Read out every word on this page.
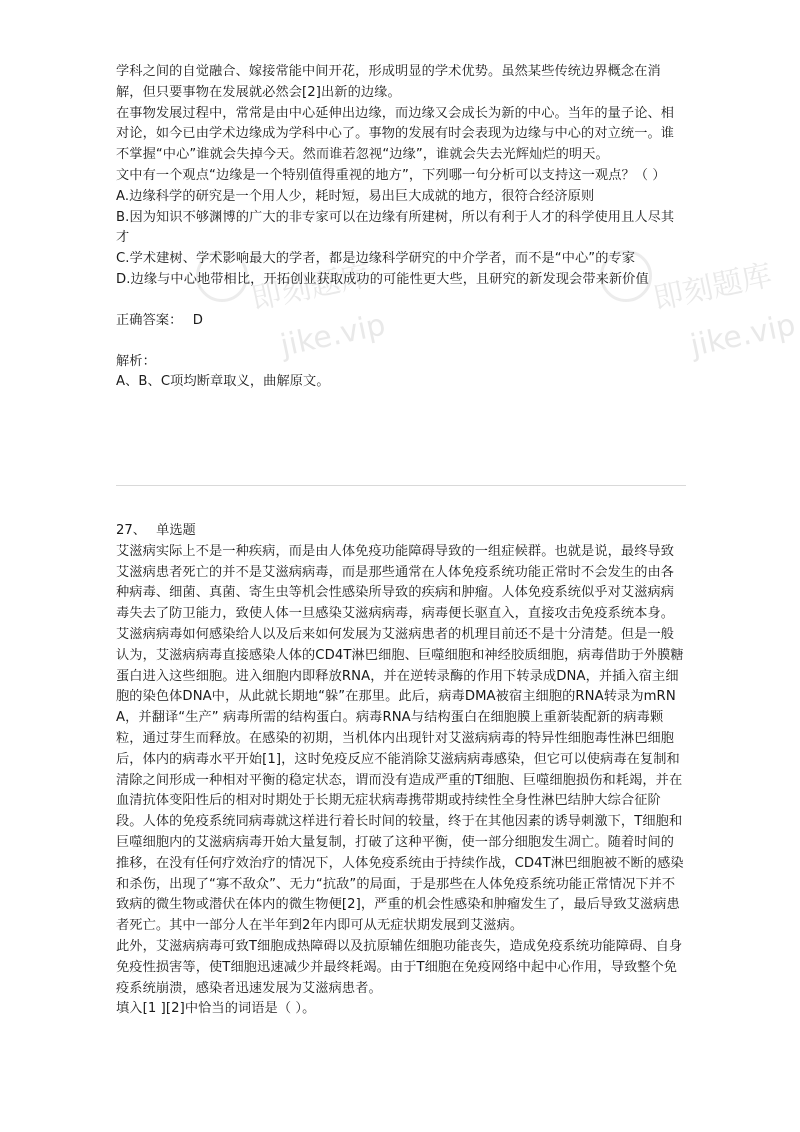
即刻题库
jike.vip
即刻题库
jike.vip

学科之间的自觉融合、嫁接常能中间开花，形成明显的学术优势。虽然某些传统边界概念在消解，但只要事物在发展就必然会[2]出新的边缘。

在事物发展过程中，常常是由中心延伸出边缘，而边缘又会成长为新的中心。当年的量子论、相对论，如今已由学术边缘成为学科中心了。事物的发展有时会表现为边缘与中心的对立统一。谁不掌握“中心”谁就会失掉今天。然而谁若忽视“边缘”，谁就会失去光辉灿烂的明天。

文中有一个观点“边缘是一个特别值得重视的地方”，下列哪一句分析可以支持这一观点？（ ）

A.边缘科学的研究是一个用人少，耗时短，易出巨大成就的地方，很符合经济原则

B.因为知识不够渊博的广大的非专家可以在边缘有所建树，所以有利于人才的科学使用且人尽其才

C.学术建树、学术影响最大的学者，都是边缘科学研究的中介学者，而不是“中心”的专家

D.边缘与中心地带相比，开拓创业获取成功的可能性更大些，且研究的新发现会带来新价值

正确答案： D

解析：

A、B、C项均断章取义，曲解原文。

27、 单选题

艾滋病实际上不是一种疾病，而是由人体免疫功能障碍导致的一组症候群。也就是说，最终导致艾滋病患者死亡的并不是艾滋病病毒，而是那些通常在人体免疫系统功能正常时不会发生的由各种病毒、细菌、真菌、寄生虫等机会性感染所导致的疾病和肿瘤。人体免疫系统似乎对艾滋病病毒失去了防卫能力，致使人体一旦感染艾滋病病毒，病毒便长驱直入，直接攻击免疫系统本身。

艾滋病病毒如何感染给人以及后来如何发展为艾滋病患者的机理目前还不是十分清楚。但是一般认为，艾滋病病毒直接感染人体的CD4T淋巴细胞、巨噬细胞和神经胶质细胞，病毒借助于外膜糖蛋白进入这些细胞。进入细胞内即释放RNA，并在逆转录酶的作用下转录成DNA，并插入宿主细胞的染色体DNA中，从此就长期地“躲”在那里。此后，病毒DMA被宿主细胞的RNA转录为mRNA，并翻译“生产” 病毒所需的结构蛋白。病毒RNA与结构蛋白在细胞膜上重新装配新的病毒颗粒，通过芽生而释放。在感染的初期，当机体内出现针对艾滋病病毒的特异性细胞毒性淋巴细胞后，体内的病毒水平开始[1]，这时免疫反应不能消除艾滋病病毒感染，但它可以使病毒在复制和清除之间形成一种相对平衡的稳定状态，谓而没有造成严重的T细胞、巨噬细胞损伤和耗竭，并在血清抗体变阳性后的相对时期处于长期无症状病毒携带期或持续性全身性淋巴结肿大综合征阶段。人体的免疫系统同病毒就这样进行着长时间的较量，终于在其他因素的诱导刺激下，T细胞和巨噬细胞内的艾滋病病毒开始大量复制，打破了这种平衡，使一部分细胞发生凋亡。随着时间的推移，在没有任何疗效治疗的情况下，人体免疫系统由于持续作战，CD4T淋巴细胞被不断的感染和杀伤，出现了“寡不敌众”、无力“抗敌”的局面，于是那些在人体免疫系统功能正常情况下并不致病的微生物或潜伏在体内的微生物便[2]，严重的机会性感染和肿瘤发生了，最后导致艾滋病患者死亡。其中一部分人在半年到2年内即可从无症状期发展到艾滋病。

此外，艾滋病病毒可致T细胞成热障碍以及抗原辅佐细胞功能丧失，造成免疫系统功能障碍、自身免疫性损害等，使T细胞迅速减少并最终耗竭。由于T细胞在免疫网络中起中心作用，导致整个免疫系统崩溃，感染者迅速发展为艾滋病患者。

填入[1 ][2]中恰当的词语是（ ）。
